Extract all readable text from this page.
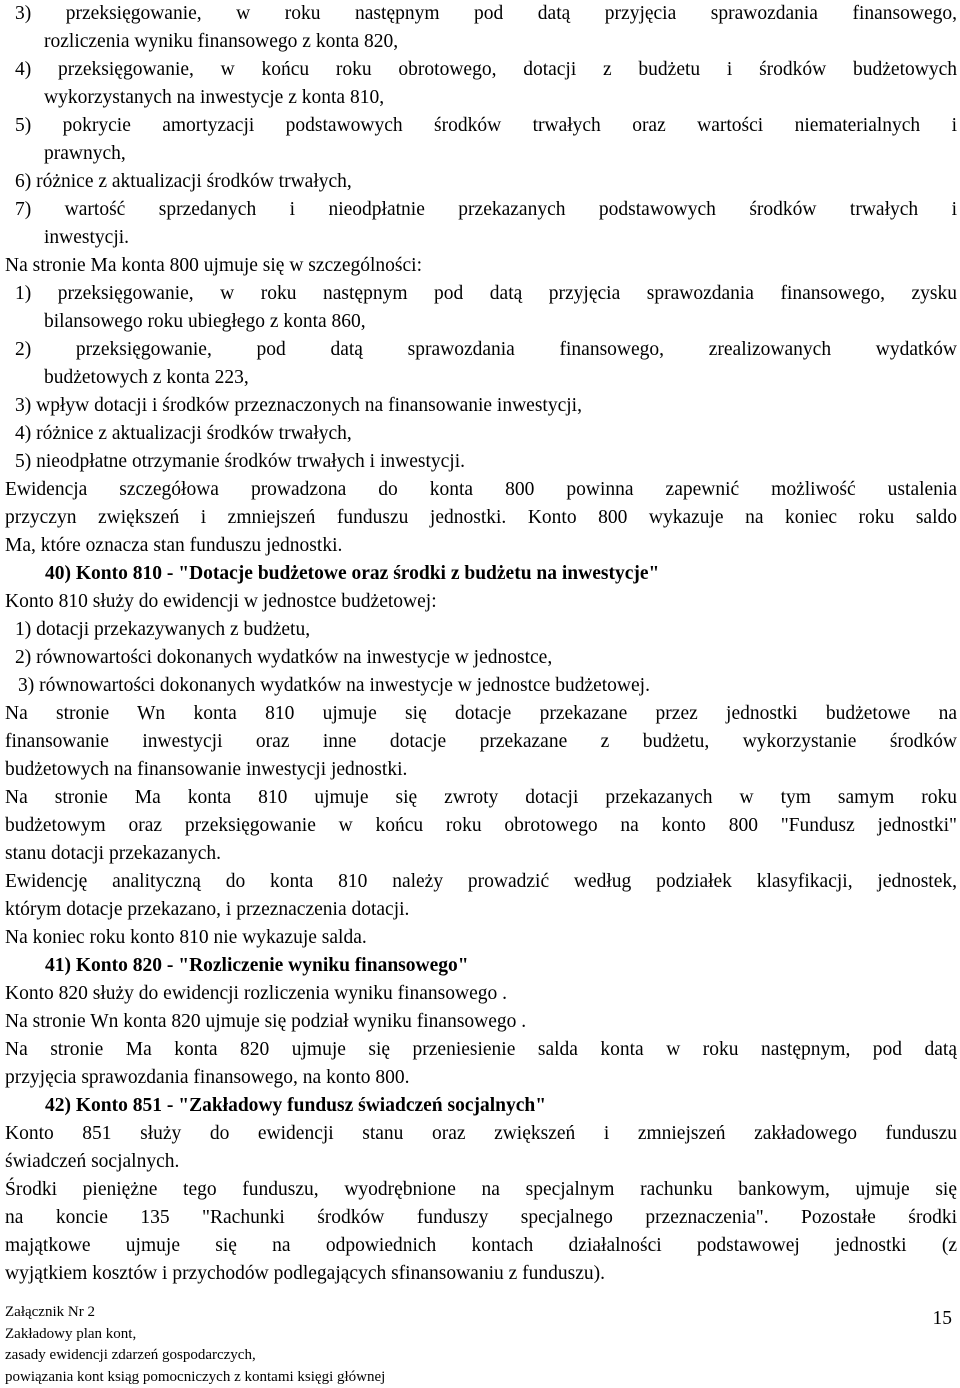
3) przeksięgowanie, w roku następnym pod datą przyjęcia sprawozdania finansowego,
rozliczenia wyniku finansowego z konta 820,
4) przeksięgowanie, w końcu roku obrotowego, dotacji z budżetu i środków budżetowych
wykorzystanych na inwestycje z konta 810,
5) pokrycie amortyzacji podstawowych środków trwałych oraz wartości niematerialnych i
prawnych,
6) różnice z aktualizacji środków trwałych,
7) wartość sprzedanych i nieodpłatnie przekazanych podstawowych środków trwałych i
inwestycji.
Na stronie Ma konta 800 ujmuje się w szczególności:
1) przeksięgowanie, w roku następnym pod datą przyjęcia sprawozdania finansowego, zysku
bilansowego roku ubiegłego z konta 860,
2) przeksięgowanie, pod datą sprawozdania finansowego, zrealizowanych wydatków
budżetowych z konta 223,
3) wpływ dotacji i środków przeznaczonych na finansowanie inwestycji,
4) różnice z aktualizacji środków trwałych,
5) nieodpłatne otrzymanie środków trwałych i inwestycji.
Ewidencja szczegółowa prowadzona do konta 800 powinna zapewnić możliwość ustalenia
przyczyn zwiększeń i zmniejszeń funduszu jednostki. Konto 800 wykazuje na koniec roku saldo
Ma, które oznacza stan funduszu jednostki.
40) Konto 810 - "Dotacje budżetowe oraz środki z budżetu na inwestycje"
Konto 810 służy do ewidencji w jednostce budżetowej:
1) dotacji przekazywanych z budżetu,
2) równowartości dokonanych wydatków na inwestycje w jednostce,
3) równowartości dokonanych wydatków na inwestycje w jednostce budżetowej.
Na stronie Wn konta 810 ujmuje się dotacje przekazane przez jednostki budżetowe na
finansowanie inwestycji oraz inne dotacje przekazane z budżetu, wykorzystanie środków
budżetowych na finansowanie inwestycji jednostki.
Na stronie Ma konta 810 ujmuje się zwroty dotacji przekazanych w tym samym roku
budżetowym oraz przeksięgowanie w końcu roku obrotowego na konto 800 "Fundusz jednostki"
stanu dotacji przekazanych.
Ewidencję analityczną do konta 810 należy prowadzić według podziałek klasyfikacji, jednostek,
którym dotacje przekazano, i przeznaczenia dotacji.
Na koniec roku konto 810 nie wykazuje salda.
41) Konto 820 - "Rozliczenie wyniku finansowego"
Konto 820 służy do ewidencji rozliczenia wyniku finansowego .
Na stronie Wn konta 820 ujmuje się podział wyniku finansowego .
Na stronie Ma konta 820 ujmuje się przeniesienie salda konta w roku następnym, pod datą
przyjęcia sprawozdania finansowego, na konto 800.
42) Konto 851 - "Zakładowy fundusz świadczeń socjalnych"
Konto 851 służy do ewidencji stanu oraz zwiększeń i zmniejszeń zakładowego funduszu
świadczeń socjalnych.
Środki pieniężne tego funduszu, wyodrębnione na specjalnym rachunku bankowym, ujmuje się
na koncie 135 "Rachunki środków funduszy specjalnego przeznaczenia". Pozostałe środki
majątkowe ujmuje się na odpowiednich kontach działalności podstawowej jednostki (z
wyjątkiem kosztów i przychodów podlegających sfinansowaniu z funduszu).
Załącznik Nr 2
Zakładowy plan kont,
zasady ewidencji zdarzeń gospodarczych,
powiązania kont ksiąg pomocniczych z kontami księgi głównej
15
